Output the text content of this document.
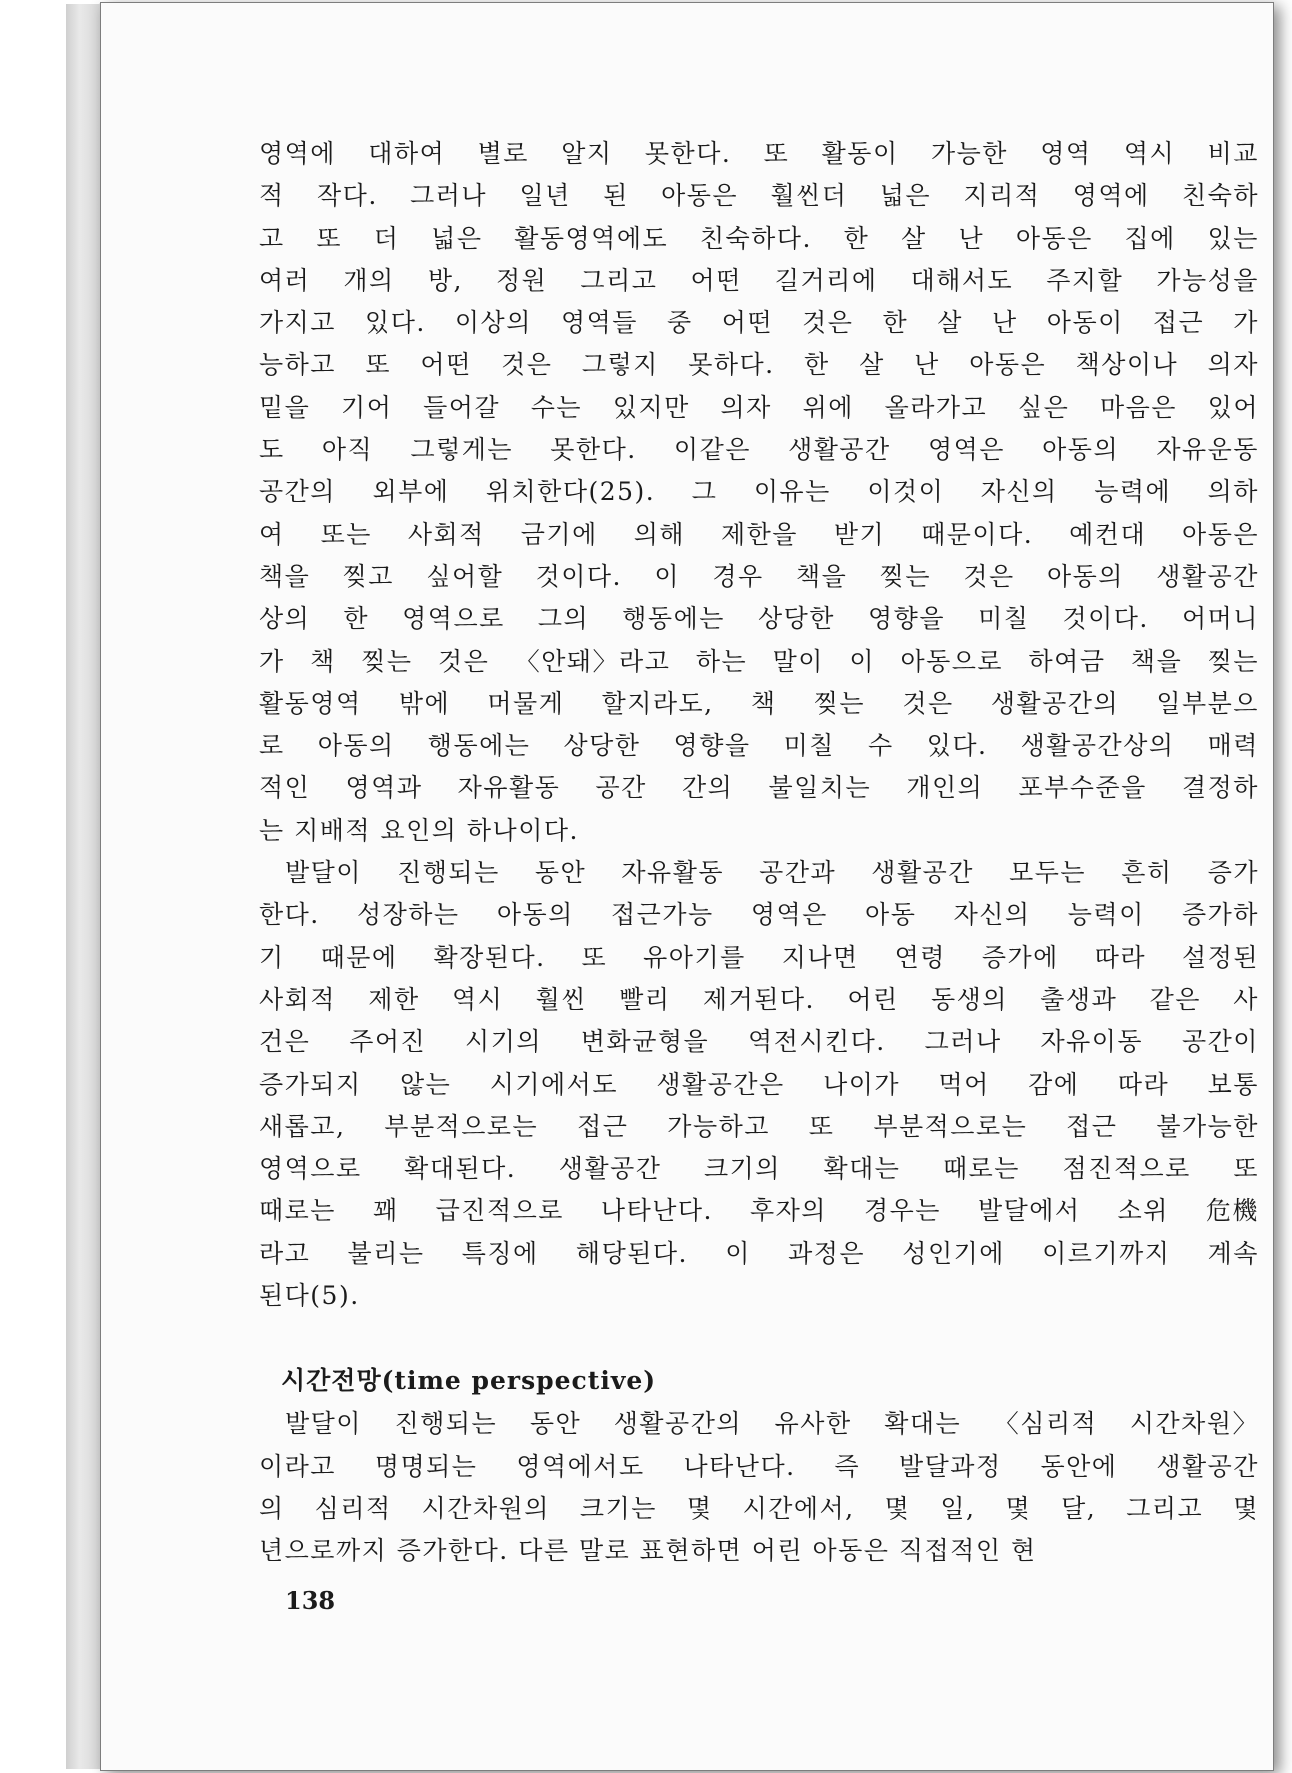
영역에 대하여 별로 알지 못한다. 또 활동이 가능한 영역 역시 비교
적 작다. 그러나 일년 된 아동은 훨씬더 넓은 지리적 영역에 친숙하
고 또 더 넓은 활동영역에도 친숙하다. 한 살 난 아동은 집에 있는
여러 개의 방, 정원 그리고 어떤 길거리에 대해서도 주지할 가능성을
가지고 있다. 이상의 영역들 중 어떤 것은 한 살 난 아동이 접근 가
능하고 또 어떤 것은 그렇지 못하다. 한 살 난 아동은 책상이나 의자
밑을 기어 들어갈 수는 있지만 의자 위에 올라가고 싶은 마음은 있어
도 아직 그렇게는 못한다. 이같은 생활공간 영역은 아동의 자유운동
공간의 외부에 위치한다(25). 그 이유는 이것이 자신의 능력에 의하
여 또는 사회적 금기에 의해 제한을 받기 때문이다. 예컨대 아동은
책을 찢고 싶어할 것이다. 이 경우 책을 찢는 것은 아동의 생활공간
상의 한 영역으로 그의 행동에는 상당한 영향을 미칠 것이다. 어머니
가 책 찢는 것은 〈안돼〉라고 하는 말이 이 아동으로 하여금 책을 찢는
활동영역 밖에 머물게 할지라도, 책 찢는 것은 생활공간의 일부분으
로 아동의 행동에는 상당한 영향을 미칠 수 있다. 생활공간상의 매력
적인 영역과 자유활동 공간 간의 불일치는 개인의 포부수준을 결정하
는 지배적 요인의 하나이다.
발달이 진행되는 동안 자유활동 공간과 생활공간 모두는 흔히 증가
한다. 성장하는 아동의 접근가능 영역은 아동 자신의 능력이 증가하
기 때문에 확장된다. 또 유아기를 지나면 연령 증가에 따라 설정된
사회적 제한 역시 훨씬 빨리 제거된다. 어린 동생의 출생과 같은 사
건은 주어진 시기의 변화균형을 역전시킨다. 그러나 자유이동 공간이
증가되지 않는 시기에서도 생활공간은 나이가 먹어 감에 따라 보통
새롭고, 부분적으로는 접근 가능하고 또 부분적으로는 접근 불가능한
영역으로 확대된다. 생활공간 크기의 확대는 때로는 점진적으로 또
때로는 꽤 급진적으로 나타난다. 후자의 경우는 발달에서 소위 危機
라고 불리는 특징에 해당된다. 이 과정은 성인기에 이르기까지 계속
된다(5).
시간전망(time perspective)
발달이 진행되는 동안 생활공간의 유사한 확대는 〈심리적 시간차원〉
이라고 명명되는 영역에서도 나타난다. 즉 발달과정 동안에 생활공간
의 심리적 시간차원의 크기는 몇 시간에서, 몇 일, 몇 달, 그리고 몇
년으로까지 증가한다. 다른 말로 표현하면 어린 아동은 직접적인 현
138
